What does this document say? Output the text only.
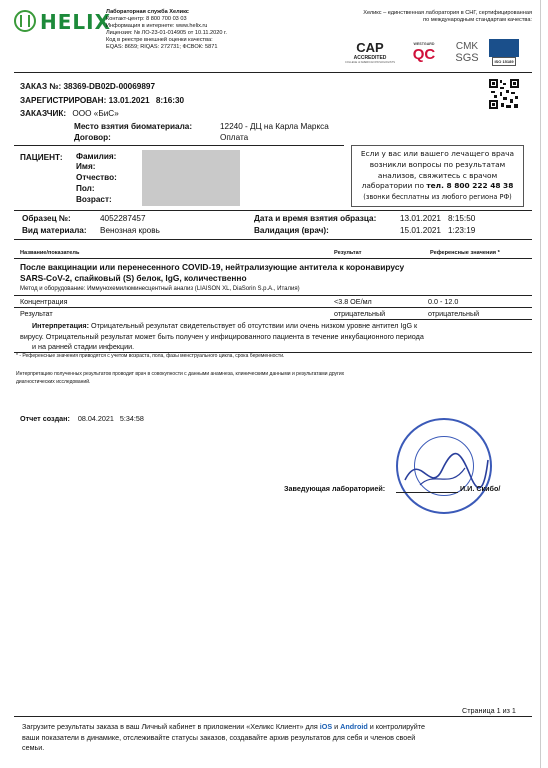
HELIX
Лабораторная служба Хеликс
Контакт-центр: 8 800 700 03 03
Информация в интернете: www.helix.ru
Лицензия: № ЛО-23-01-014905 от 10.11.2020 г.
Код в реестре внешней оценки качества:
EQAS: 8659; RIQAS: 272731; ФСВОК: 5871
Хеликс – единственная лаборатория в СНГ, сертифицированная
по международным стандартам качества:
CAP
ACCREDITED
COLLEGE of AMERICAN PATHOLOGISTS
WESTGARD
QC CMK
SGS	ISO 15189
ЗАКАЗ №: 38369-DB02D-00069897
ЗАРЕГИСТРИРОВАН: 13.01.2021 8:16:30
ЗАКАЗЧИК: ООО «БиС»
Место взятия биоматериала:	12240 - ДЦ на Карла Маркса
Договор:	Оплата
ПАЦИЕНТ: Фамилия:
Имя:
Отчество:
Пол:
Возраст:
Если у вас или вашего лечащего врача
возникли вопросы по результатам
анализов, свяжитесь с врачом
лаборатории по тел. 8 800 222 48 38
(звонки бесплатны из любого региона РФ)
Образец №:	4052287457
Вид материала: Венозная кровь
Дата и время взятия образца:	13.01.2021 8:15:50
Валидация (врач):	15.01.2021 1:23:19
Название/показатель	Результат	Референсные значения *
После вакцинации или перенесенного COVID-19, нейтрализующие антитела к коронавирусу
SARS-CoV-2, спайковый (S) белок, IgG, количественно
Метод и оборудование: Иммунохемилюминесцентный анализ (LIAISON XL, DiaSorin S.p.A., Италия)
Концентрация	<3.8 OE/мл	0.0 - 12.0
Результат	отрицательный	отрицательный
Интерпретация: Отрицательный результат свидетельствует об отсутствии или очень низком уровне антител IgG к
вирусу. Отрицательный результат может быть получен у инфицированного пациента в течение инкубационного периода
и на ранней стадии инфекции.
* - Референсные значения приводятся с учетом возраста, пола, фазы менструального цикла, срока беременности.
Интерпретацию полученных результатов проводит врач в совокупности с данными анамнеза, клиническими данными и результатами других
диагностических исследований.
Отчет создан: 08.04.2021 5:34:58
Заведующая лабораторией:	И.И. Скибо/
Страница 1 из 1
Загрузите результаты заказа в ваш Личный кабинет в приложении «Хеликс Клиент» для iOS и Android и контролируйте
ваши показатели в динамике, отслеживайте статусы заказов, создавайте архив результатов для себя и членов своей
семьи.
